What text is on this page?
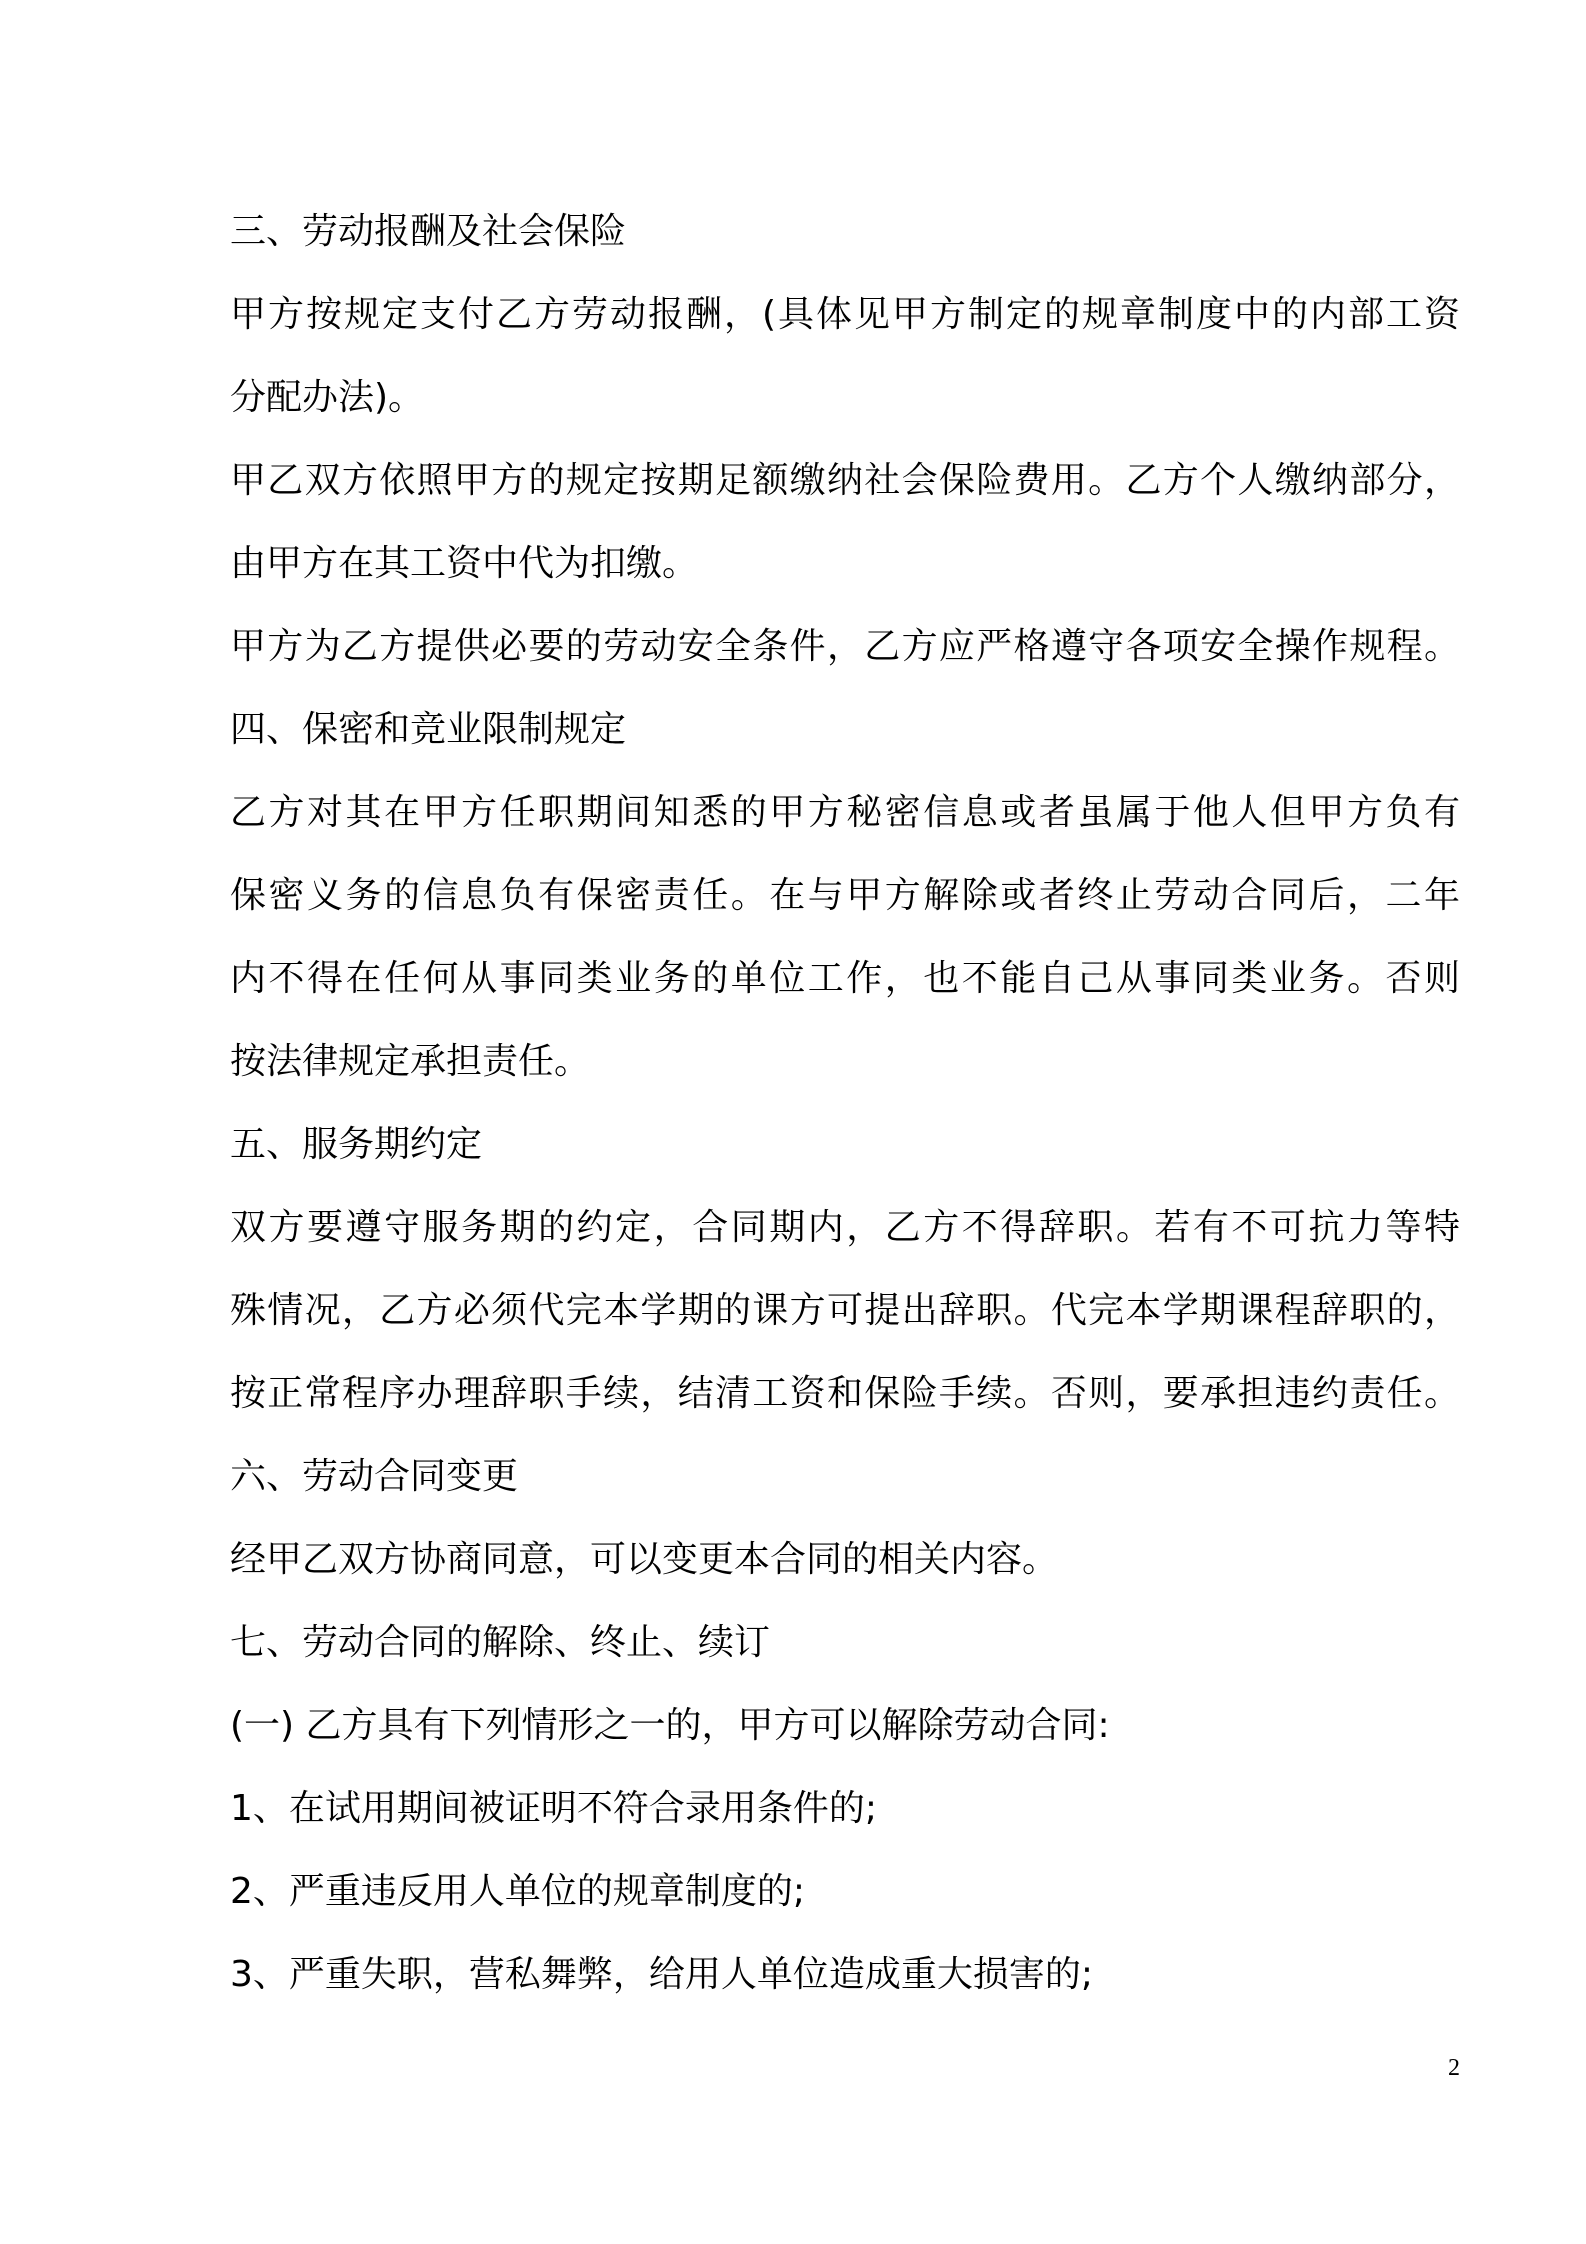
三、劳动报酬及社会保险
甲方按规定支付乙方劳动报酬，(具体见甲方制定的规章制度中的内部工资
分配办法)。
甲乙双方依照甲方的规定按期足额缴纳社会保险费用。乙方个人缴纳部分，
由甲方在其工资中代为扣缴。
甲方为乙方提供必要的劳动安全条件，乙方应严格遵守各项安全操作规程。
四、保密和竞业限制规定
乙方对其在甲方任职期间知悉的甲方秘密信息或者虽属于他人但甲方负有
保密义务的信息负有保密责任。在与甲方解除或者终止劳动合同后，二年
内不得在任何从事同类业务的单位工作，也不能自己从事同类业务。否则
按法律规定承担责任。
五、服务期约定
双方要遵守服务期的约定，合同期内，乙方不得辞职。若有不可抗力等特
殊情况，乙方必须代完本学期的课方可提出辞职。代完本学期课程辞职的，
按正常程序办理辞职手续，结清工资和保险手续。否则，要承担违约责任。
六、劳动合同变更
经甲乙双方协商同意，可以变更本合同的相关内容。
七、劳动合同的解除、终止、续订
(一) 乙方具有下列情形之一的，甲方可以解除劳动合同:
1、在试用期间被证明不符合录用条件的;
2、严重违反用人单位的规章制度的;
3、严重失职，营私舞弊，给用人单位造成重大损害的;
2
